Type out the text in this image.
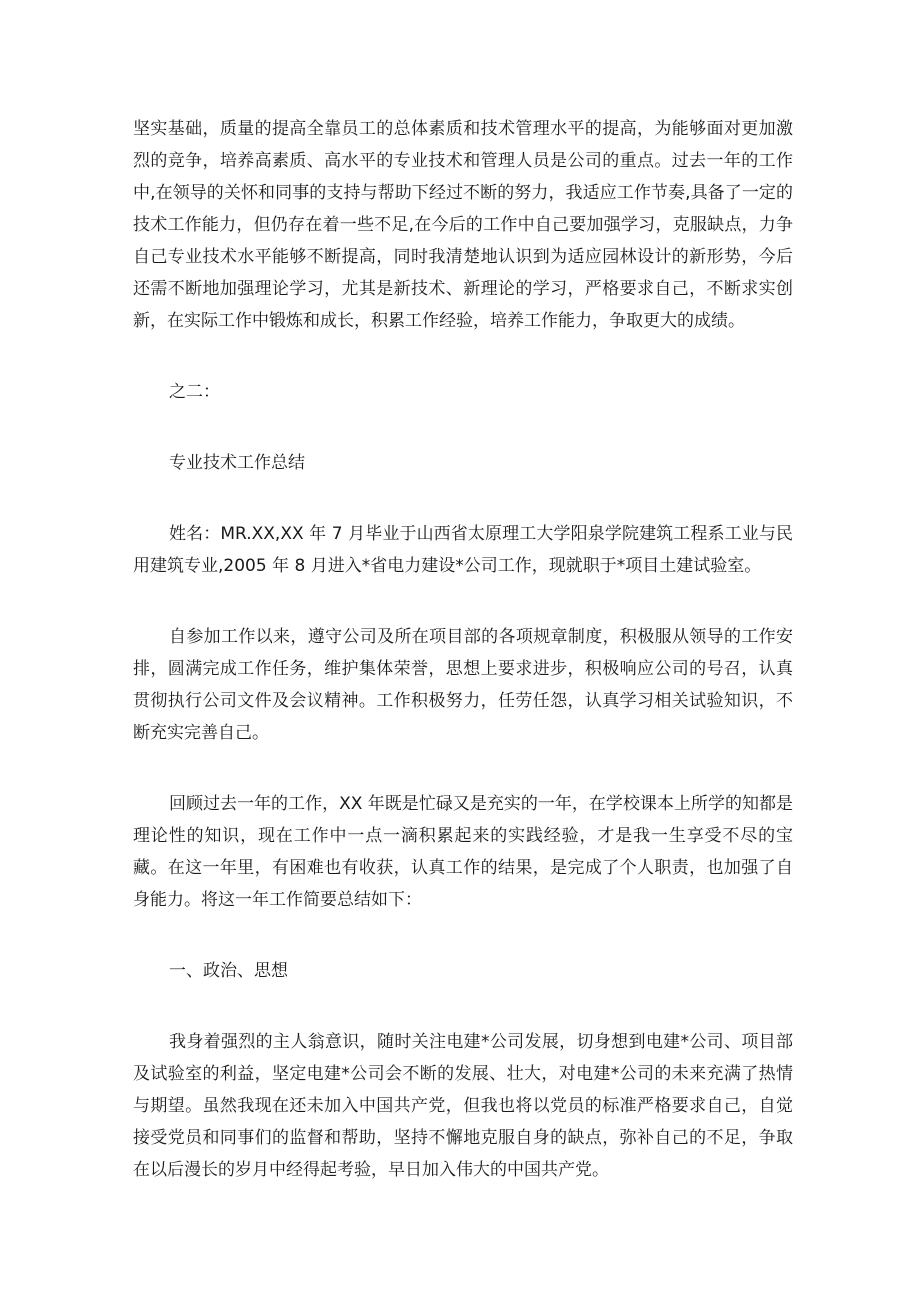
坚实基础，质量的提高全靠员工的总体素质和技术管理水平的提高，为能够面对更加激烈的竞争，培养高素质、高水平的专业技术和管理人员是公司的重点。过去一年的工作中,在领导的关怀和同事的支持与帮助下经过不断的努力，我适应工作节奏,具备了一定的技术工作能力，但仍存在着一些不足,在今后的工作中自己要加强学习，克服缺点，力争自己专业技术水平能够不断提高，同时我清楚地认识到为适应园林设计的新形势，今后还需不断地加强理论学习，尤其是新技术、新理论的学习，严格要求自己，不断求实创新，在实际工作中锻炼和成长，积累工作经验，培养工作能力，争取更大的成绩。

之二：

专业技术工作总结

姓名：MR.XX,XX 年 7 月毕业于山西省太原理工大学阳泉学院建筑工程系工业与民用建筑专业,2005 年 8 月进入*省电力建设*公司工作，现就职于*项目土建试验室。

自参加工作以来，遵守公司及所在项目部的各项规章制度，积极服从领导的工作安排，圆满完成工作任务，维护集体荣誉，思想上要求进步，积极响应公司的号召，认真贯彻执行公司文件及会议精神。工作积极努力，任劳任怨，认真学习相关试验知识，不断充实完善自己。

回顾过去一年的工作，XX 年既是忙碌又是充实的一年，在学校课本上所学的知都是理论性的知识，现在工作中一点一滴积累起来的实践经验，才是我一生享受不尽的宝藏。在这一年里，有困难也有收获，认真工作的结果，是完成了个人职责，也加强了自身能力。将这一年工作简要总结如下：

一、政治、思想

我身着强烈的主人翁意识，随时关注电建*公司发展，切身想到电建*公司、项目部及试验室的利益，坚定电建*公司会不断的发展、壮大，对电建*公司的未来充满了热情与期望。虽然我现在还未加入中国共产党，但我也将以党员的标准严格要求自己，自觉接受党员和同事们的监督和帮助，坚持不懈地克服自身的缺点，弥补自己的不足，争取在以后漫长的岁月中经得起考验，早日加入伟大的中国共产党。
